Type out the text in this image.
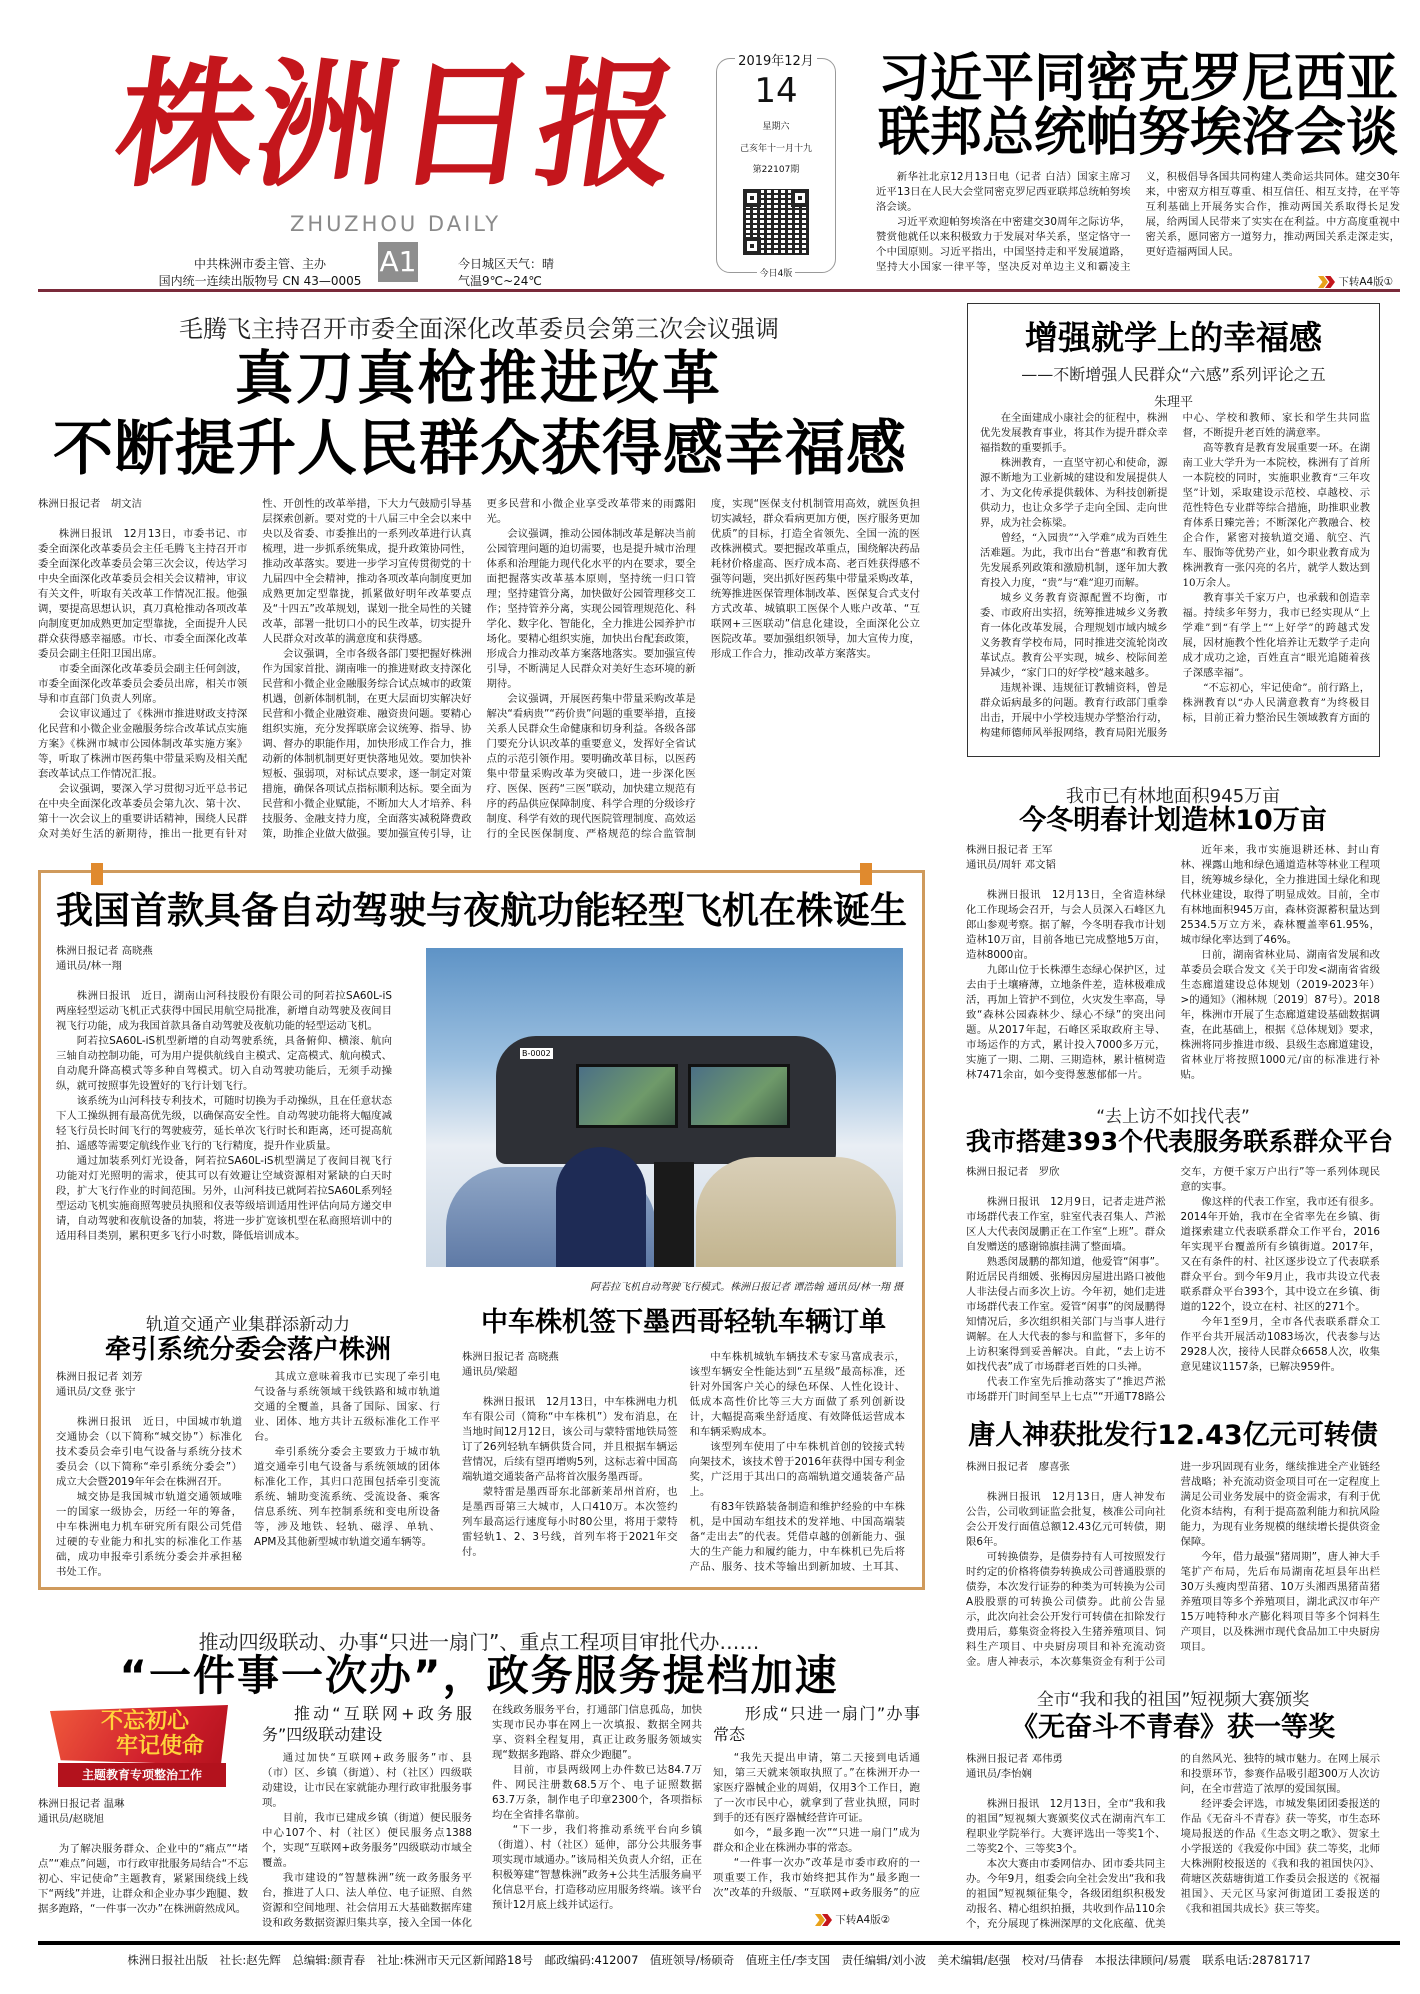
株洲日报
ZHUZHOU DAILY
中共株洲市委主管、主办
国内统一连续出版物号 CN 43—0005
A1	今日城区天气：晴
气温9℃~24℃
2019年12月
14
星期六
己亥年十一月十九
第22107期
今日4版
习近平同密克罗尼西亚
联邦总统帕努埃洛会谈

新华社北京12月13日电（记者 白洁）国家主席习近平13日在人民大会堂同密克罗尼西亚联邦总统帕努埃洛会谈。

习近平欢迎帕努埃洛在中密建交30周年之际访华，赞赏他就任以来积极致力于发展对华关系，坚定恪守一个中国原则。习近平指出，中国坚持走和平发展道路，坚持大小国家一律平等，坚决反对单边主义和霸凌主义，积极倡导各国共同构建人类命运共同体。建交30年来，中密双方相互尊重、相互信任、相互支持，在平等互利基础上开展务实合作，推动两国关系取得长足发展，给两国人民带来了实实在在利益。中方高度重视中密关系，愿同密方一道努力，推动两国关系走深走实，更好造福两国人民。

下转A4版①
毛腾飞主持召开市委全面深化改革委员会第三次会议强调
真刀真枪推进改革
不断提升人民群众获得感幸福感

株洲日报记者　胡文洁

株洲日报讯　12月13日，市委书记、市委全面深化改革委员会主任毛腾飞主持召开市委全面深化改革委员会第三次会议，传达学习中央全面深化改革委员会相关会议精神，审议有关文件，听取有关改革工作情况汇报。他强调，要提高思想认识，真刀真枪推动各项改革向制度更加成熟更加定型靠拢，全面提升人民群众获得感幸福感。市长、市委全面深化改革委员会副主任阳卫国出席。

市委全面深化改革委员会副主任何剑波，市委全面深化改革委员会委员出席，相关市领导和市直部门负责人列席。

会议审议通过了《株洲市推进财政支持深化民营和小微企业金融服务综合改革试点实施方案》《株洲市城市公园体制改革实施方案》等，听取了株洲市医药集中带量采购及相关配套改革试点工作情况汇报。

会议强调，要深入学习贯彻习近平总书记在中央全面深化改革委员会第九次、第十次、第十一次会议上的重要讲话精神，围绕人民群众对美好生活的新期待，推出一批更有针对性、开创性的改革举措，下大力气鼓励引导基层探索创新。要对党的十八届三中全会以来中央以及省委、市委推出的一系列改革进行认真梳理，进一步抓系统集成，提升政策协同性，推动改革落实。要进一步学习宣传贯彻党的十九届四中全会精神，推动各项改革向制度更加成熟更加定型靠拢，抓紧做好明年改革要点及“十四五”改革规划，谋划一批全局性的关键改革，部署一批切口小的民生改革，切实提升人民群众对改革的满意度和获得感。

会议强调，全市各级各部门要把握好株洲作为国家首批、湖南唯一的推进财政支持深化民营和小微企业金融服务综合试点城市的政策机遇，创新体制机制，在更大层面切实解决好民营和小微企业融资难、融资贵问题。要精心组织实施，充分发挥联席会议统筹、指导、协调、督办的职能作用，加快形成工作合力，推动新的体制机制更好更快落地见效。要加快补短板、强弱项，对标试点要求，逐一制定对策措施，确保各项试点指标顺利达标。要全面为民营和小微企业赋能，不断加大人才培养、科技服务、金融支持力度，全面落实减税降费政策，助推企业做大做强。要加强宣传引导，让更多民营和小微企业享受改革带来的雨露阳光。

会议强调，推动公园体制改革是解决当前公园管理问题的迫切需要，也是提升城市治理体系和治理能力现代化水平的内在要求，要全面把握落实改革基本原则，坚持统一归口管理；坚持建管分离，加快做好公园管理移交工作；坚持管养分离，实现公园管理规范化、科学化、数字化、智能化，全力推进公园养护市场化。要精心组织实施，加快出台配套政策，形成合力推动改革方案落地落实。要加强宣传引导，不断满足人民群众对美好生态环境的新期待。

会议强调，开展医药集中带量采购改革是解决“看病贵”“药价贵”问题的重要举措，直接关系人民群众生命健康和切身利益。各级各部门要充分认识改革的重要意义，发挥好全省试点的示范引领作用。要明确改革目标，以医药集中带量采购改革为突破口，进一步深化医疗、医保、医药“三医”联动，加快建立规范有序的药品供应保障制度、科学合理的分级诊疗制度、科学有效的现代医院管理制度、高效运行的全民医保制度、严格规范的综合监管制度，实现“医保支付机制管用高效，就医负担切实减轻，群众看病更加方便，医疗服务更加优质”的目标，打造全省领先、全国一流的医改株洲模式。要把握改革重点，围绕解决药品耗材价格虚高、医疗成本高、老百姓获得感不强等问题，突出抓好医药集中带量采购改革，统筹推进医保管理体制改革、医保复合式支付方式改革、城镇职工医保个人账户改革、“互联网+三医联动”信息化建设，全面深化公立医院改革。要加强组织领导，加大宣传力度，形成工作合力，推动改革方案落实。

增强就学上的幸福感
——不断增强人民群众“六感”系列评论之五
朱理平

在全面建成小康社会的征程中，株洲优先发展教育事业，将其作为提升群众幸福指数的重要抓手。

株洲教育，一直坚守初心和使命，源源不断地为工业新城的建设和发展提供人才、为文化传承提供载体、为科技创新提供动力，也让众多学子走向全国、走向世界，成为社会栋梁。

曾经，“入园贵”“入学难”成为百姓生活难题。为此，我市出台“普惠”和教育优先发展系列政策和激励机制，逐年加大教育投入力度，“贵”与“难”迎刃而解。

城乡义务教育资源配置不均衡，市委、市政府出实招，统筹推进城乡义务教育一体化改革发展，合理规划市域内城乡义务教育学校布局，同时推进交流轮岗改革试点。教育公平实现，城乡、校际间差异减少，“家门口的好学校”越来越多。

违规补课、违规征订教辅资料，曾是群众诟病最多的问题。教育行政部门重拳出击，开展中小学校违规办学整治行动，构建师德师风举报网络，教育局阳光服务中心、学校和教师、家长和学生共同监督，不断提升老百姓的满意率。

高等教育是教育发展重要一环。在湖南工业大学升为一本院校，株洲有了首所一本院校的同时，实施职业教育“三年攻坚”计划，采取建设示范校、卓越校、示范性特色专业群等综合措施，助推职业教育体系日臻完善；不断深化产教融合、校企合作，紧密对接轨道交通、航空、汽车、服饰等优势产业，如今职业教育成为株洲教育一张闪亮的名片，就学人数达到10万余人。

教育事关千家万户，也承载和创造幸福。持续多年努力，我市已经实现从“上学难”到“有学上”“上好学”的跨越式发展，因材施教个性化培养让无数学子走向成才成功之途，百姓直言“眼光追随着孩子深感幸福”。

“不忘初心，牢记使命”。前行路上，株洲教育以“办人民满意教育”为终极目标，目前正着力整治民生领域教育方面的

我市已有林地面积945万亩
今冬明春计划造林10万亩

株洲日报记者 王军

通讯员/周轩 邓文韬

株洲日报讯　12月13日，全省造林绿化工作现场会召开，与会人员深入石峰区九郎山参观考察。据了解，今冬明春我市计划造林10万亩，目前各地已完成整地5万亩，造林8000亩。

九郎山位于长株潭生态绿心保护区，过去由于土壤瘠薄，立地条件差，造林极难成活，再加上管护不到位，火灾发生率高，导致“森林公园森林少、绿心不绿”的突出问题。从2017年起，石峰区采取政府主导、市场运作的方式，累计投入7000多万元，实施了一期、二期、三期造林，累计植树造林7471余亩，如今变得葱葱郁郁一片。

近年来，我市实施退耕还林、封山育林、裸露山地和绿色通道造林等林业工程项目，统筹城乡绿化，全力推进国土绿化和现代林业建设，取得了明显成效。目前，全市有林地面积945万亩，森林资源蓄积量达到2534.5万立方米，森林覆盖率61.95%，城市绿化率达到了46%。

日前，湖南省林业局、湖南省发展和改革委员会联合发文《关于印发<湖南省省级生态廊道建设总体规划（2019-2023年）>的通知》（湘林规〔2019〕87号）。2018年，株洲市开展了生态廊道建设基础数据调查，在此基础上，根据《总体规划》要求，株洲将同步推进市级、县级生态廊道建设，省林业厅将按照1000元/亩的标准进行补贴。

“去上访不如找代表”
我市搭建393个代表服务联系群众平台

株洲日报记者　罗欣

株洲日报讯　12月9日，记者走进芦淞市场群代表工作室，驻室代表召集人、芦淞区人大代表闵晟鹏正在工作室“上班”。群众自发赠送的感谢锦旗挂满了整面墙。

熟悉闵晟鹏的都知道，他爱管“闲事”。附近居民肖细媛、张梅因房屋进出路口被他人非法侵占而多次上访。今年初，她们走进市场群代表工作室。爱管“闲事”的闵晟鹏得知情况后，多次组织相关部门与当事人进行调解。在人大代表的参与和监督下，多年的上访积案得到妥善解决。自此，“去上访不如找代表”成了市场群老百姓的口头禅。

代表工作室先后推动落实了“推迟芦淞市场群开门时间至早上七点”“开通T78路公交车，方便千家万户出行”等一系列体现民意的实事。

像这样的代表工作室，我市还有很多。2014年开始，我市在全省率先在乡镇、街道探索建立代表联系群众工作平台，2016年实现平台覆盖所有乡镇街道。2017年，又在有条件的村、社区逐步设立了代表联系群众平台。到今年9月止，我市共设立代表联系群众平台393个，其中设立在乡镇、街道的122个，设立在村、社区的271个。

今年1至9月，全市各代表联系群众工作平台共开展活动1083场次，代表参与达2928人次，接待人民群众6658人次，收集意见建议1157条，已解决959件。

唐人神获批发行12.43亿元可转债

株洲日报记者　廖喜张

株洲日报讯　12月13日，唐人神发布公告，公司收到证监会批复，核准公司向社会公开发行面值总额12.43亿元可转债，期限6年。

可转换债券，是债券持有人可按照发行时约定的价格将债券转换成公司普通股票的债券，本次发行证券的种类为可转换为公司A股股票的可转换公司债券。此前公告显示，此次向社会公开发行可转债在扣除发行费用后，募集资金将投入生猪养殖项目、饲料生产项目、中央厨房项目和补充流动资金。唐人神表示，本次募集资金有利于公司进一步巩固现有业务，继续推进全产业链经营战略；补充流动资金项目可在一定程度上满足公司业务发展中的资金需求，有利于优化资本结构，有利于提高盈利能力和抗风险能力，为现有业务规模的继续增长提供资金保障。

今年，借力最强“猪周期”，唐人神大手笔扩产布局，先后布局湖南花垣县年出栏30万头瘦肉型苗猪、10万头湘西黑猪苗猪养殖项目等多个养殖项目，湖北武汉市年产15万吨特种水产膨化料项目等多个饲料生产项目，以及株洲市现代食品加工中央厨房项目。

全市“我和我的祖国”短视频大赛颁奖
《无奋斗不青春》获一等奖

株洲日报记者 邓伟勇

通讯员/李怡娴

株洲日报讯　12月13日，全市“我和我的祖国”短视频大赛颁奖仪式在湖南汽车工程职业学院举行。大赛评选出一等奖1个、二等奖2个、三等奖3个。

本次大赛由市委网信办、团市委共同主办。今年9月，组委会向全社会发出“我和我的祖国”短视频征集令，各级团组织积极发动报名、精心组织拍摄，共收到作品110余个，充分展现了株洲深厚的文化底蕴、优美的自然风光、独特的城市魅力。在网上展示和投票环节，参赛作品吸引超300万人次访问，在全市营造了浓厚的爱国氛围。

经评委会评选，市城发集团团委报送的作品《无奋斗不青春》获一等奖，市生态环境局报送的作品《生态文明之歌》、贺家土小学报送的《我爱你中国》获二等奖，北师大株洲附校报送的《我和我的祖国快闪》、荷塘区茨菇塘街道工作委员会报送的《祝福祖国》、天元区马家河街道团工委报送的《我和祖国共成长》获三等奖。

我国首款具备自动驾驶与夜航功能轻型飞机在株诞生

株洲日报记者 高晓燕

通讯员/林一翔

株洲日报讯　近日，湖南山河科技股份有限公司的阿若拉SA60L-iS两座轻型运动飞机正式获得中国民用航空局批准，新增自动驾驶及夜间目视飞行功能，成为我国首款具备自动驾驶及夜航功能的轻型运动飞机。

阿若拉SA60L-iS机型新增的自动驾驶系统，具备俯仰、横滚、航向三轴自动控制功能，可为用户提供航线自主模式、定高模式、航向模式、自动爬升降高模式等多种自驾模式。切入自动驾驶功能后，无须手动操纵，就可按照事先设置好的飞行计划飞行。

该系统为山河科技专利技术，可随时切换为手动操纵，且在任意状态下人工操纵拥有最高优先级，以确保高安全性。自动驾驶功能将大幅度减轻飞行员长时间飞行的驾驶疲劳，延长单次飞行时长和距离，还可提高航拍、遥感等需要定航线作业飞行的飞行精度，提升作业质量。

通过加装系列灯光设备，阿若拉SA60L-iS机型满足了夜间目视飞行功能对灯光照明的需求，使其可以有效避让空域资源相对紧缺的白天时段，扩大飞行作业的时间范围。另外，山河科技已就阿若拉SA60L系列轻型运动飞机实施商照驾驶员执照和仪表等级培训适用性评估向局方递交申请，自动驾驶和夜航设备的加装，将进一步扩宽该机型在私商照培训中的适用科目类别，累积更多飞行小时数，降低培训成本。

B-0002
阿若拉飞机自动驾驶飞行模式。株洲日报记者 谭浩翰 通讯员/林一翔 摄
轨道交通产业集群添新动力
牵引系统分委会落户株洲

株洲日报记者 刘芳

通讯员/文登 张宁

株洲日报讯　近日，中国城市轨道交通协会（以下简称“城交协”）标准化技术委员会牵引电气设备与系统分技术委员会（以下简称“牵引系统分委会”）成立大会暨2019年年会在株洲召开。

城交协是我国城市轨道交通领域唯一的国家一级协会，历经一年的筹备，中车株洲电力机车研究所有限公司凭借过硬的专业能力和扎实的标准化工作基础，成功申报牵引系统分委会并承担秘书处工作。

其成立意味着我市已实现了牵引电气设备与系统领域干线铁路和城市轨道交通的全覆盖，具备了国际、国家、行业、团体、地方共计五级标准化工作平台。

牵引系统分委会主要致力于城市轨道交通牵引电气设备与系统领域的团体标准化工作，其归口范围包括牵引变流系统、辅助变流系统、受流设备、乘客信息系统、列车控制系统和变电所设备等，涉及地铁、轻轨、磁浮、单轨、APM及其他新型城市轨道交通车辆等。

中车株机签下墨西哥轻轨车辆订单

株洲日报记者 高晓燕

通讯员/梁超

株洲日报讯　12月13日，中车株洲电力机车有限公司（简称“中车株机”）发布消息，在当地时间12月12日，该公司与蒙特雷地铁局签订了26列轻轨车辆供货合同，并且根据车辆运营情况，后续有望再增购5列，这标志着中国高端轨道交通装备产品将首次服务墨西哥。

蒙特雷是墨西哥东北部新莱昂州首府，也是墨西哥第三大城市，人口410万。本次签约列车最高运行速度每小时80公里，将用于蒙特雷轻轨1、2、3号线，首列车将于2021年交付。

中车株机城轨车辆技术专家马富成表示，该型车辆安全性能达到“五星级”最高标准，还针对外国客户关心的绿色环保、人性化设计、低成本高性价比等三大方面做了系列创新设计，大幅提高乘坐舒适度、有效降低运营成本和车辆采购成本。

该型列车使用了中车株机首创的铰接式转向架技术，该技术曾于2016年获得中国专利金奖，广泛用于其出口的高端轨道交通装备产品上。

有83年铁路装备制造和维护经验的中车株机，是中国动车组技术的发祥地、中国高端装备“走出去”的代表。凭借卓越的创新能力、强大的生产能力和履约能力，中车株机已先后将产品、服务、技术等输出到新加坡、土耳其、

推动四级联动、办事“只进一扇门”、重点工程项目审批代办……
“一件事一次办”，政务服务提档加速
不忘初心
牢记使命
主题教育专项整治工作

株洲日报记者 温琳

通讯员/赵晓旭

为了解决服务群众、企业中的“痛点”“堵点”“难点”问题，市行政审批服务局结合“不忘初心、牢记使命”主题教育，紧紧围绕线上线下“两线”并进，让群众和企业办事少跑腿、数据多跑路，“一件事一次办”在株洲蔚然成风。

推动“互联网+政务服务”四级联动建设

通过加快“互联网+政务服务”市、县（市）区、乡镇（街道）、村（社区）四级联动建设，让市民在家就能办理行政审批服务事项。

目前，我市已建成乡镇（街道）便民服务中心107个、村（社区）便民服务点1388个，实现“互联网+政务服务”四级联动市域全覆盖。

我市建设的“智慧株洲”统一政务服务平台，推进了人口、法人单位、电子证照、自然资源和空间地理、社会信用五大基础数据库建设和政务数据资源归集共享，接入全国一体化在线政务服务平台，打通部门信息孤岛，加快实现市民办事在网上一次填报、数据全网共享、资料全程复用，真正让政务服务领域实现“数据多跑路、群众少跑腿”。

目前，市县两级网上办件数已达84.7万件、网民注册数68.5万个、电子证照数据63.7万条，制作电子印章2300个，各项指标均在全省排名靠前。

“下一步，我们将推动系统平台向乡镇（街道）、村（社区）延伸，部分公共服务事项实现市域通办。”该局相关负责人介绍，正在积极筹建“智慧株洲”政务+公共生活服务扁平化信息平台，打造移动应用服务终端。该平台预计12月底上线并试运行。

形成“只进一扇门”办事常态

“我先天提出申请，第二天接到电话通知，第三天就来领取执照了。”在株洲开办一家医疗器械企业的周娟，仅用3个工作日，跑了一次市民中心，就拿到了营业执照，同时到手的还有医疗器械经营许可证。

如今，“最多跑一次”“只进一扇门”成为群众和企业在株洲办事的常态。

“一件事一次办”改革是市委市政府的一项重要工作，我市始终把其作为“最多跑一次”改革的升级版、“互联网+政务服务”的应

下转A4版②
株洲日报社出版　社长:赵先辉　总编辑:颜青春　社址:株洲市天元区新闻路18号　邮政编码:412007　值班领导/杨硕奇　值班主任/李支国　责任编辑/刘小波　美术编辑/赵强　校对/马倩春　本报法律顾问/易震　联系电话:28781717
